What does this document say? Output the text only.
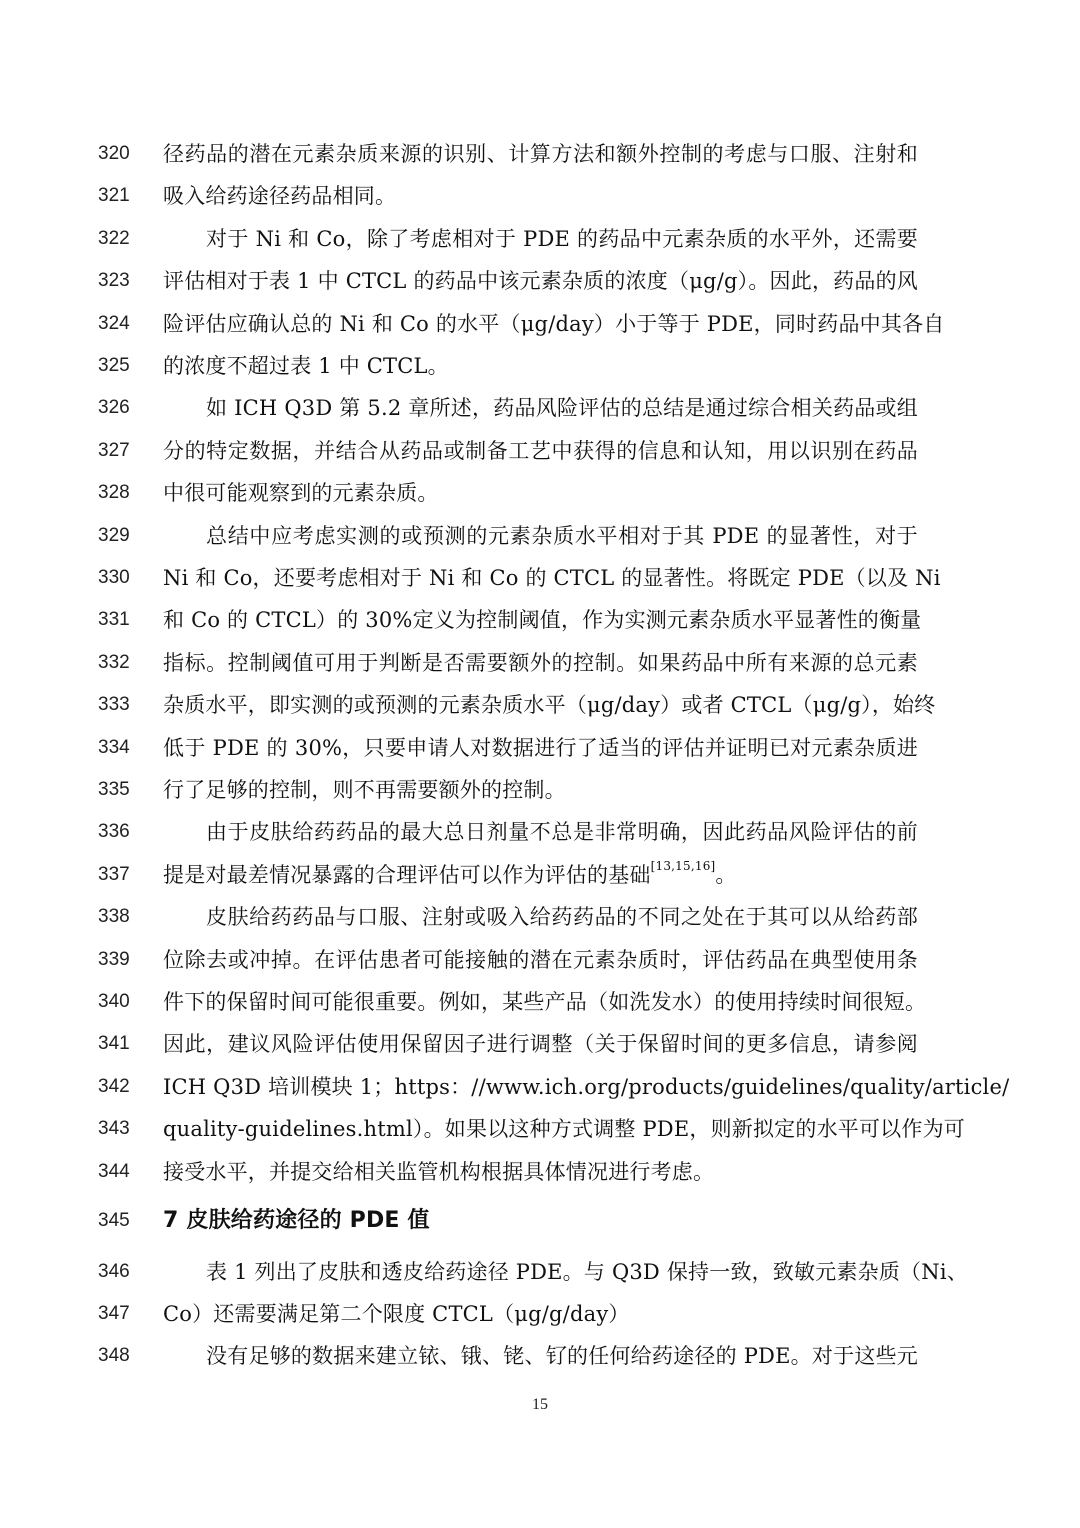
320	径药品的潜在元素杂质来源的识别、计算方法和额外控制的考虑与口服、注射和
321	吸入给药途径药品相同。
322	对于 Ni 和 Co，除了考虑相对于 PDE 的药品中元素杂质的水平外，还需要
323	评估相对于表 1 中 CTCL 的药品中该元素杂质的浓度（μg/g）。因此，药品的风
324	险评估应确认总的 Ni 和 Co 的水平（μg/day）小于等于 PDE，同时药品中其各自
325	的浓度不超过表 1 中 CTCL。
326	如 ICH Q3D 第 5.2 章所述，药品风险评估的总结是通过综合相关药品或组
327	分的特定数据，并结合从药品或制备工艺中获得的信息和认知，用以识别在药品
328	中很可能观察到的元素杂质。
329	总结中应考虑实测的或预测的元素杂质水平相对于其 PDE 的显著性，对于
330	Ni 和 Co，还要考虑相对于 Ni 和 Co 的 CTCL 的显著性。将既定 PDE（以及 Ni
331	和 Co 的 CTCL）的 30%定义为控制阈值，作为实测元素杂质水平显著性的衡量
332	指标。控制阈值可用于判断是否需要额外的控制。如果药品中所有来源的总元素
333	杂质水平，即实测的或预测的元素杂质水平（μg/day）或者 CTCL（μg/g），始终
334	低于 PDE 的 30%，只要申请人对数据进行了适当的评估并证明已对元素杂质进
335	行了足够的控制，则不再需要额外的控制。
336	由于皮肤给药药品的最大总日剂量不总是非常明确，因此药品风险评估的前
337	提是对最差情况暴露的合理评估可以作为评估的基础[13,15,16]。
338	皮肤给药药品与口服、注射或吸入给药药品的不同之处在于其可以从给药部
339	位除去或冲掉。在评估患者可能接触的潜在元素杂质时，评估药品在典型使用条
340	件下的保留时间可能很重要。例如，某些产品（如洗发水）的使用持续时间很短。
341	因此，建议风险评估使用保留因子进行调整（关于保留时间的更多信息，请参阅
342	ICH Q3D 培训模块 1；https：//www.ich.org/products/guidelines/quality/article/
343	quality-guidelines.html）。如果以这种方式调整 PDE，则新拟定的水平可以作为可
344	接受水平，并提交给相关监管机构根据具体情况进行考虑。
345	7 皮肤给药途径的 PDE 值
346	表 1 列出了皮肤和透皮给药途径 PDE。与 Q3D 保持一致，致敏元素杂质（Ni、
347	Co）还需要满足第二个限度 CTCL（μg/g/day）
348	没有足够的数据来建立铱、锇、铑、钌的任何给药途径的 PDE。对于这些元
15
